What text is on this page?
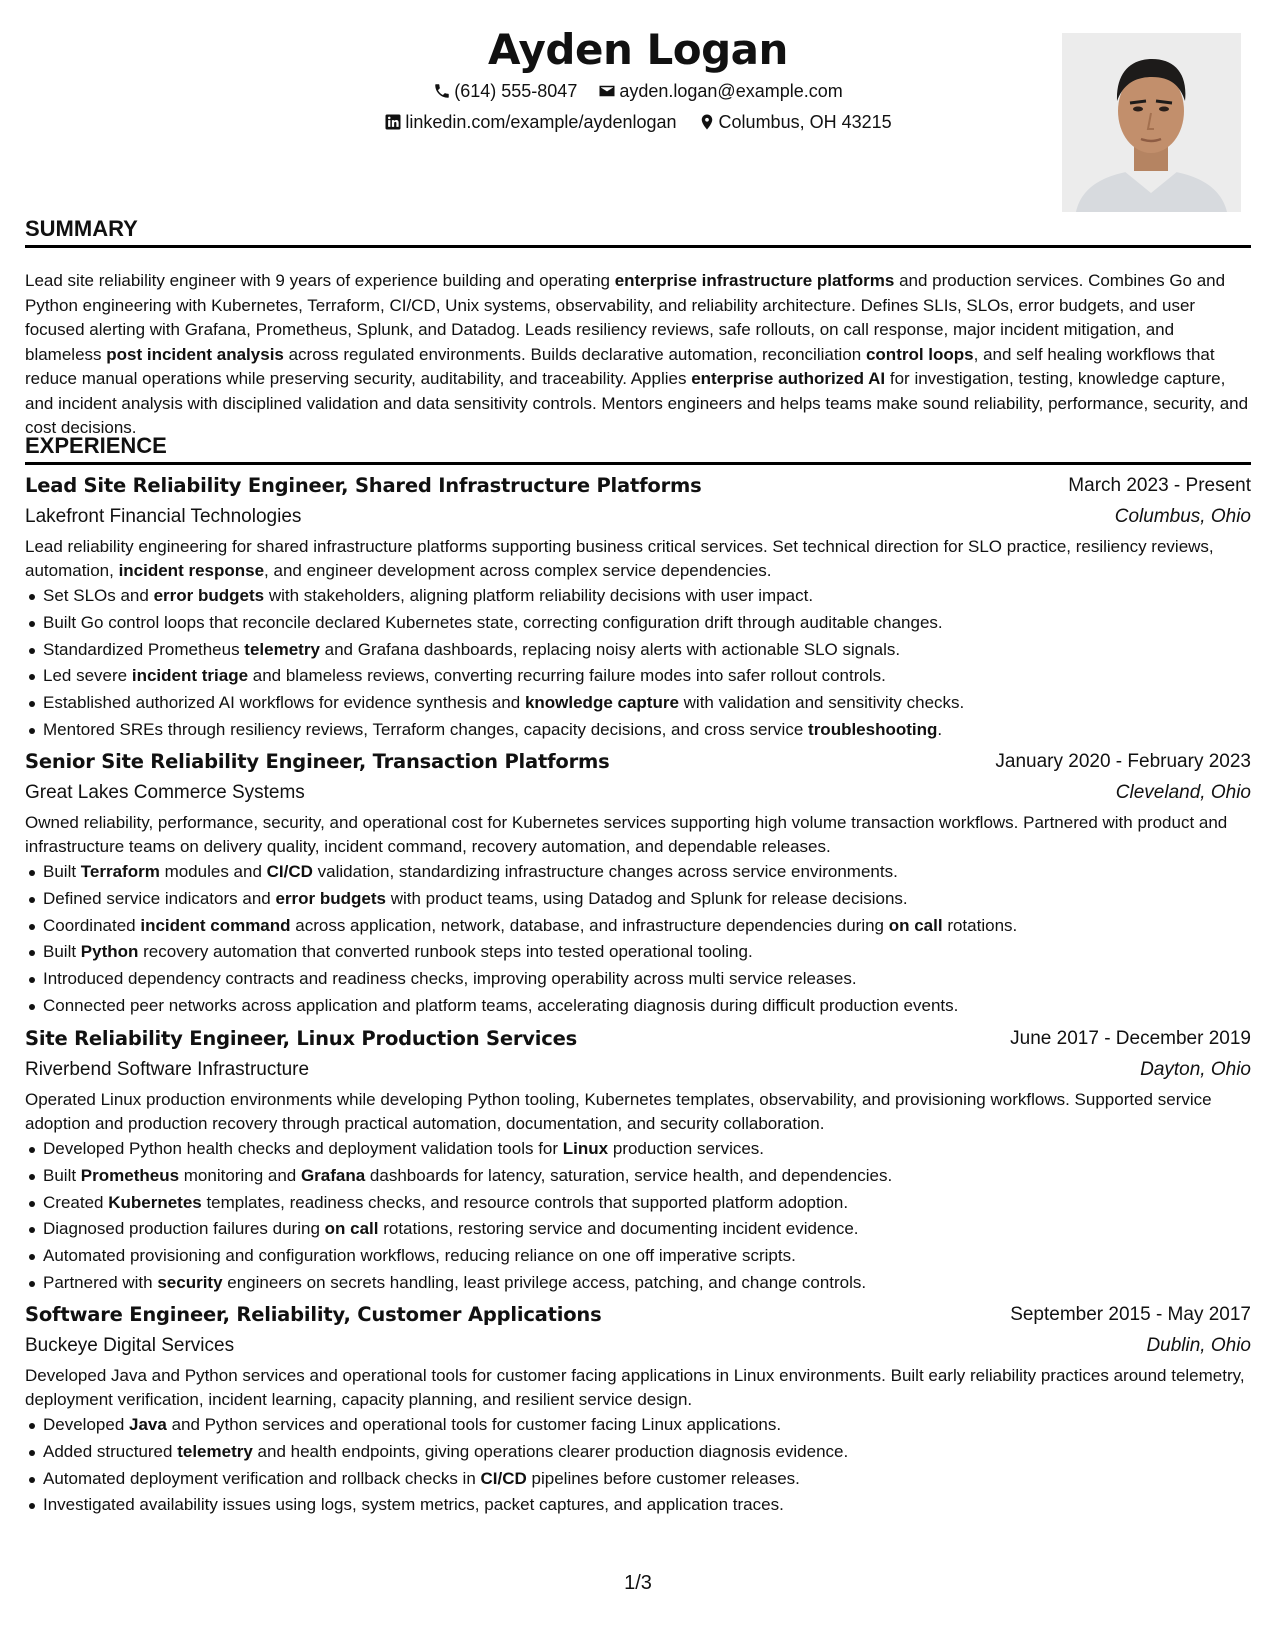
Ayden Logan
(614) 555-8047
ayden.logan@example.com
linkedin.com/example/aydenlogan
Columbus, OH 43215
SUMMARY

Lead site reliability engineer with 9 years of experience building and operating enterprise infrastructure platforms and production services. Combines Go and Python engineering with Kubernetes, Terraform, CI/CD, Unix systems, observability, and reliability architecture. Defines SLIs, SLOs, error budgets, and user focused alerting with Grafana, Prometheus, Splunk, and Datadog. Leads resiliency reviews, safe rollouts, on call response, major incident mitigation, and blameless post incident analysis across regulated environments. Builds declarative automation, reconciliation control loops, and self healing workflows that reduce manual operations while preserving security, auditability, and traceability. Applies enterprise authorized AI for investigation, testing, knowledge capture, and incident analysis with disciplined validation and data sensitivity controls. Mentors engineers and helps teams make sound reliability, performance, security, and cost decisions.

EXPERIENCE
Lead Site Reliability Engineer, Shared Infrastructure Platforms	March 2023 - Present
Lakefront Financial Technologies	Columbus, Ohio

Lead reliability engineering for shared infrastructure platforms supporting business critical services. Set technical direction for SLO practice, resiliency reviews, automation, incident response, and engineer development across complex service dependencies.

Set SLOs and error budgets with stakeholders, aligning platform reliability decisions with user impact.
Built Go control loops that reconcile declared Kubernetes state, correcting configuration drift through auditable changes.
Standardized Prometheus telemetry and Grafana dashboards, replacing noisy alerts with actionable SLO signals.
Led severe incident triage and blameless reviews, converting recurring failure modes into safer rollout controls.
Established authorized AI workflows for evidence synthesis and knowledge capture with validation and sensitivity checks.
Mentored SREs through resiliency reviews, Terraform changes, capacity decisions, and cross service troubleshooting.
Senior Site Reliability Engineer, Transaction Platforms	January 2020 - February 2023
Great Lakes Commerce Systems	Cleveland, Ohio

Owned reliability, performance, security, and operational cost for Kubernetes services supporting high volume transaction workflows. Partnered with product and infrastructure teams on delivery quality, incident command, recovery automation, and dependable releases.

Built Terraform modules and CI/CD validation, standardizing infrastructure changes across service environments.
Defined service indicators and error budgets with product teams, using Datadog and Splunk for release decisions.
Coordinated incident command across application, network, database, and infrastructure dependencies during on call rotations.
Built Python recovery automation that converted runbook steps into tested operational tooling.
Introduced dependency contracts and readiness checks, improving operability across multi service releases.
Connected peer networks across application and platform teams, accelerating diagnosis during difficult production events.
Site Reliability Engineer, Linux Production Services	June 2017 - December 2019
Riverbend Software Infrastructure	Dayton, Ohio

Operated Linux production environments while developing Python tooling, Kubernetes templates, observability, and provisioning workflows. Supported service adoption and production recovery through practical automation, documentation, and security collaboration.

Developed Python health checks and deployment validation tools for Linux production services.
Built Prometheus monitoring and Grafana dashboards for latency, saturation, service health, and dependencies.
Created Kubernetes templates, readiness checks, and resource controls that supported platform adoption.
Diagnosed production failures during on call rotations, restoring service and documenting incident evidence.
Automated provisioning and configuration workflows, reducing reliance on one off imperative scripts.
Partnered with security engineers on secrets handling, least privilege access, patching, and change controls.
Software Engineer, Reliability, Customer Applications	September 2015 - May 2017
Buckeye Digital Services	Dublin, Ohio

Developed Java and Python services and operational tools for customer facing applications in Linux environments. Built early reliability practices around telemetry, deployment verification, incident learning, capacity planning, and resilient service design.

Developed Java and Python services and operational tools for customer facing Linux applications.
Added structured telemetry and health endpoints, giving operations clearer production diagnosis evidence.
Automated deployment verification and rollback checks in CI/CD pipelines before customer releases.
Investigated availability issues using logs, system metrics, packet captures, and application traces.
1/3
